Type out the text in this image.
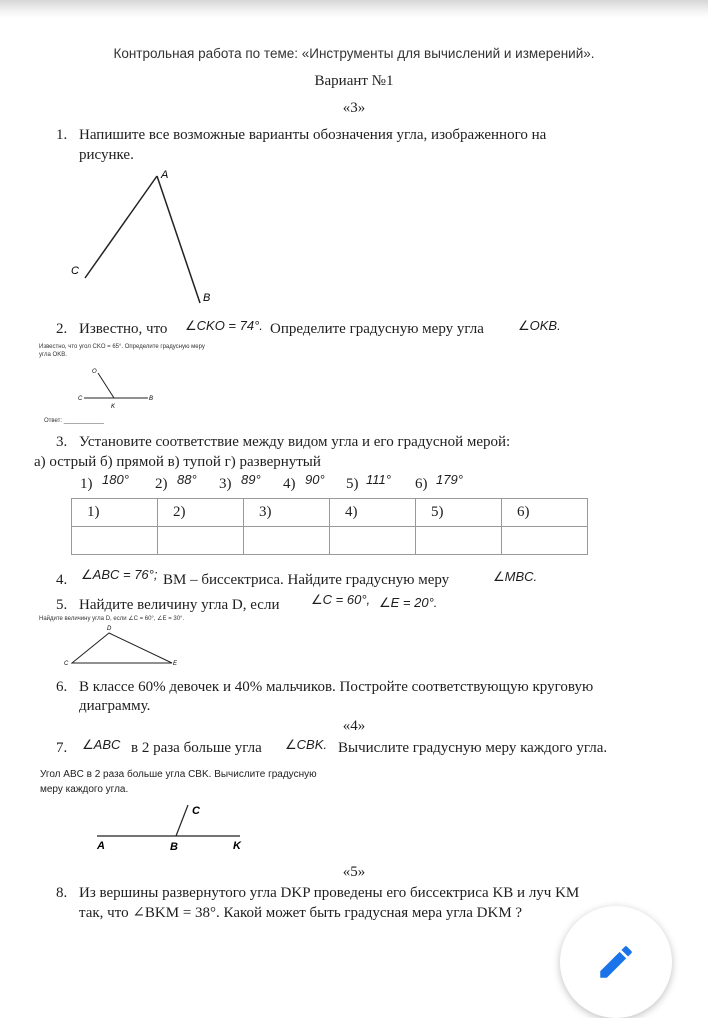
Контрольная работа по теме: «Инструменты для вычислений и измерений».
Вариант №1
«3»
1. Напишите все возможные варианты обозначения угла, изображенного на
рисунке.
A
C
B
2. Известно, что ∠CKO = 74°. Определите градусную меру угла	∠OKB.
Известно, что угол CKO = 65°. Определите градусную меру
угла OKB.
O
C
K
B
Ответ: ____________
3. Установите соответствие между видом угла и его градусной мерой:
а) острый б) прямой в) тупой г) развернутый
1) 180° 2) 88° 3) 89° 4) 90° 5) 111° 6) 179°
1)	2)	3)	4)	5)	6)

4. ∠ABC = 76°; ВМ – биссектриса. Найдите градусную меру	∠MBC.
5. Найдите величину угла D, если ∠C = 60°, ∠E = 20°.
Найдите величину угла D, если ∠C = 60°, ∠E = 30°.
D
C	E
6. В классе 60% девочек и 40% мальчиков. Постройте соответствующую круговую
диаграмму.
«4»
7. ∠ABC в 2 раза больше угла ∠CBK. Вычислите градусную меру каждого угла.
Угол ABC в 2 раза больше угла CBK. Вычислите градусную
меру каждого угла.
C
A	B	K
«5»
8. Из вершины развернутого угла DKP проведены его биссектриса KB и луч KM
так, что ∠BKM = 38°. Какой может быть градусная мера угла DKM ?
